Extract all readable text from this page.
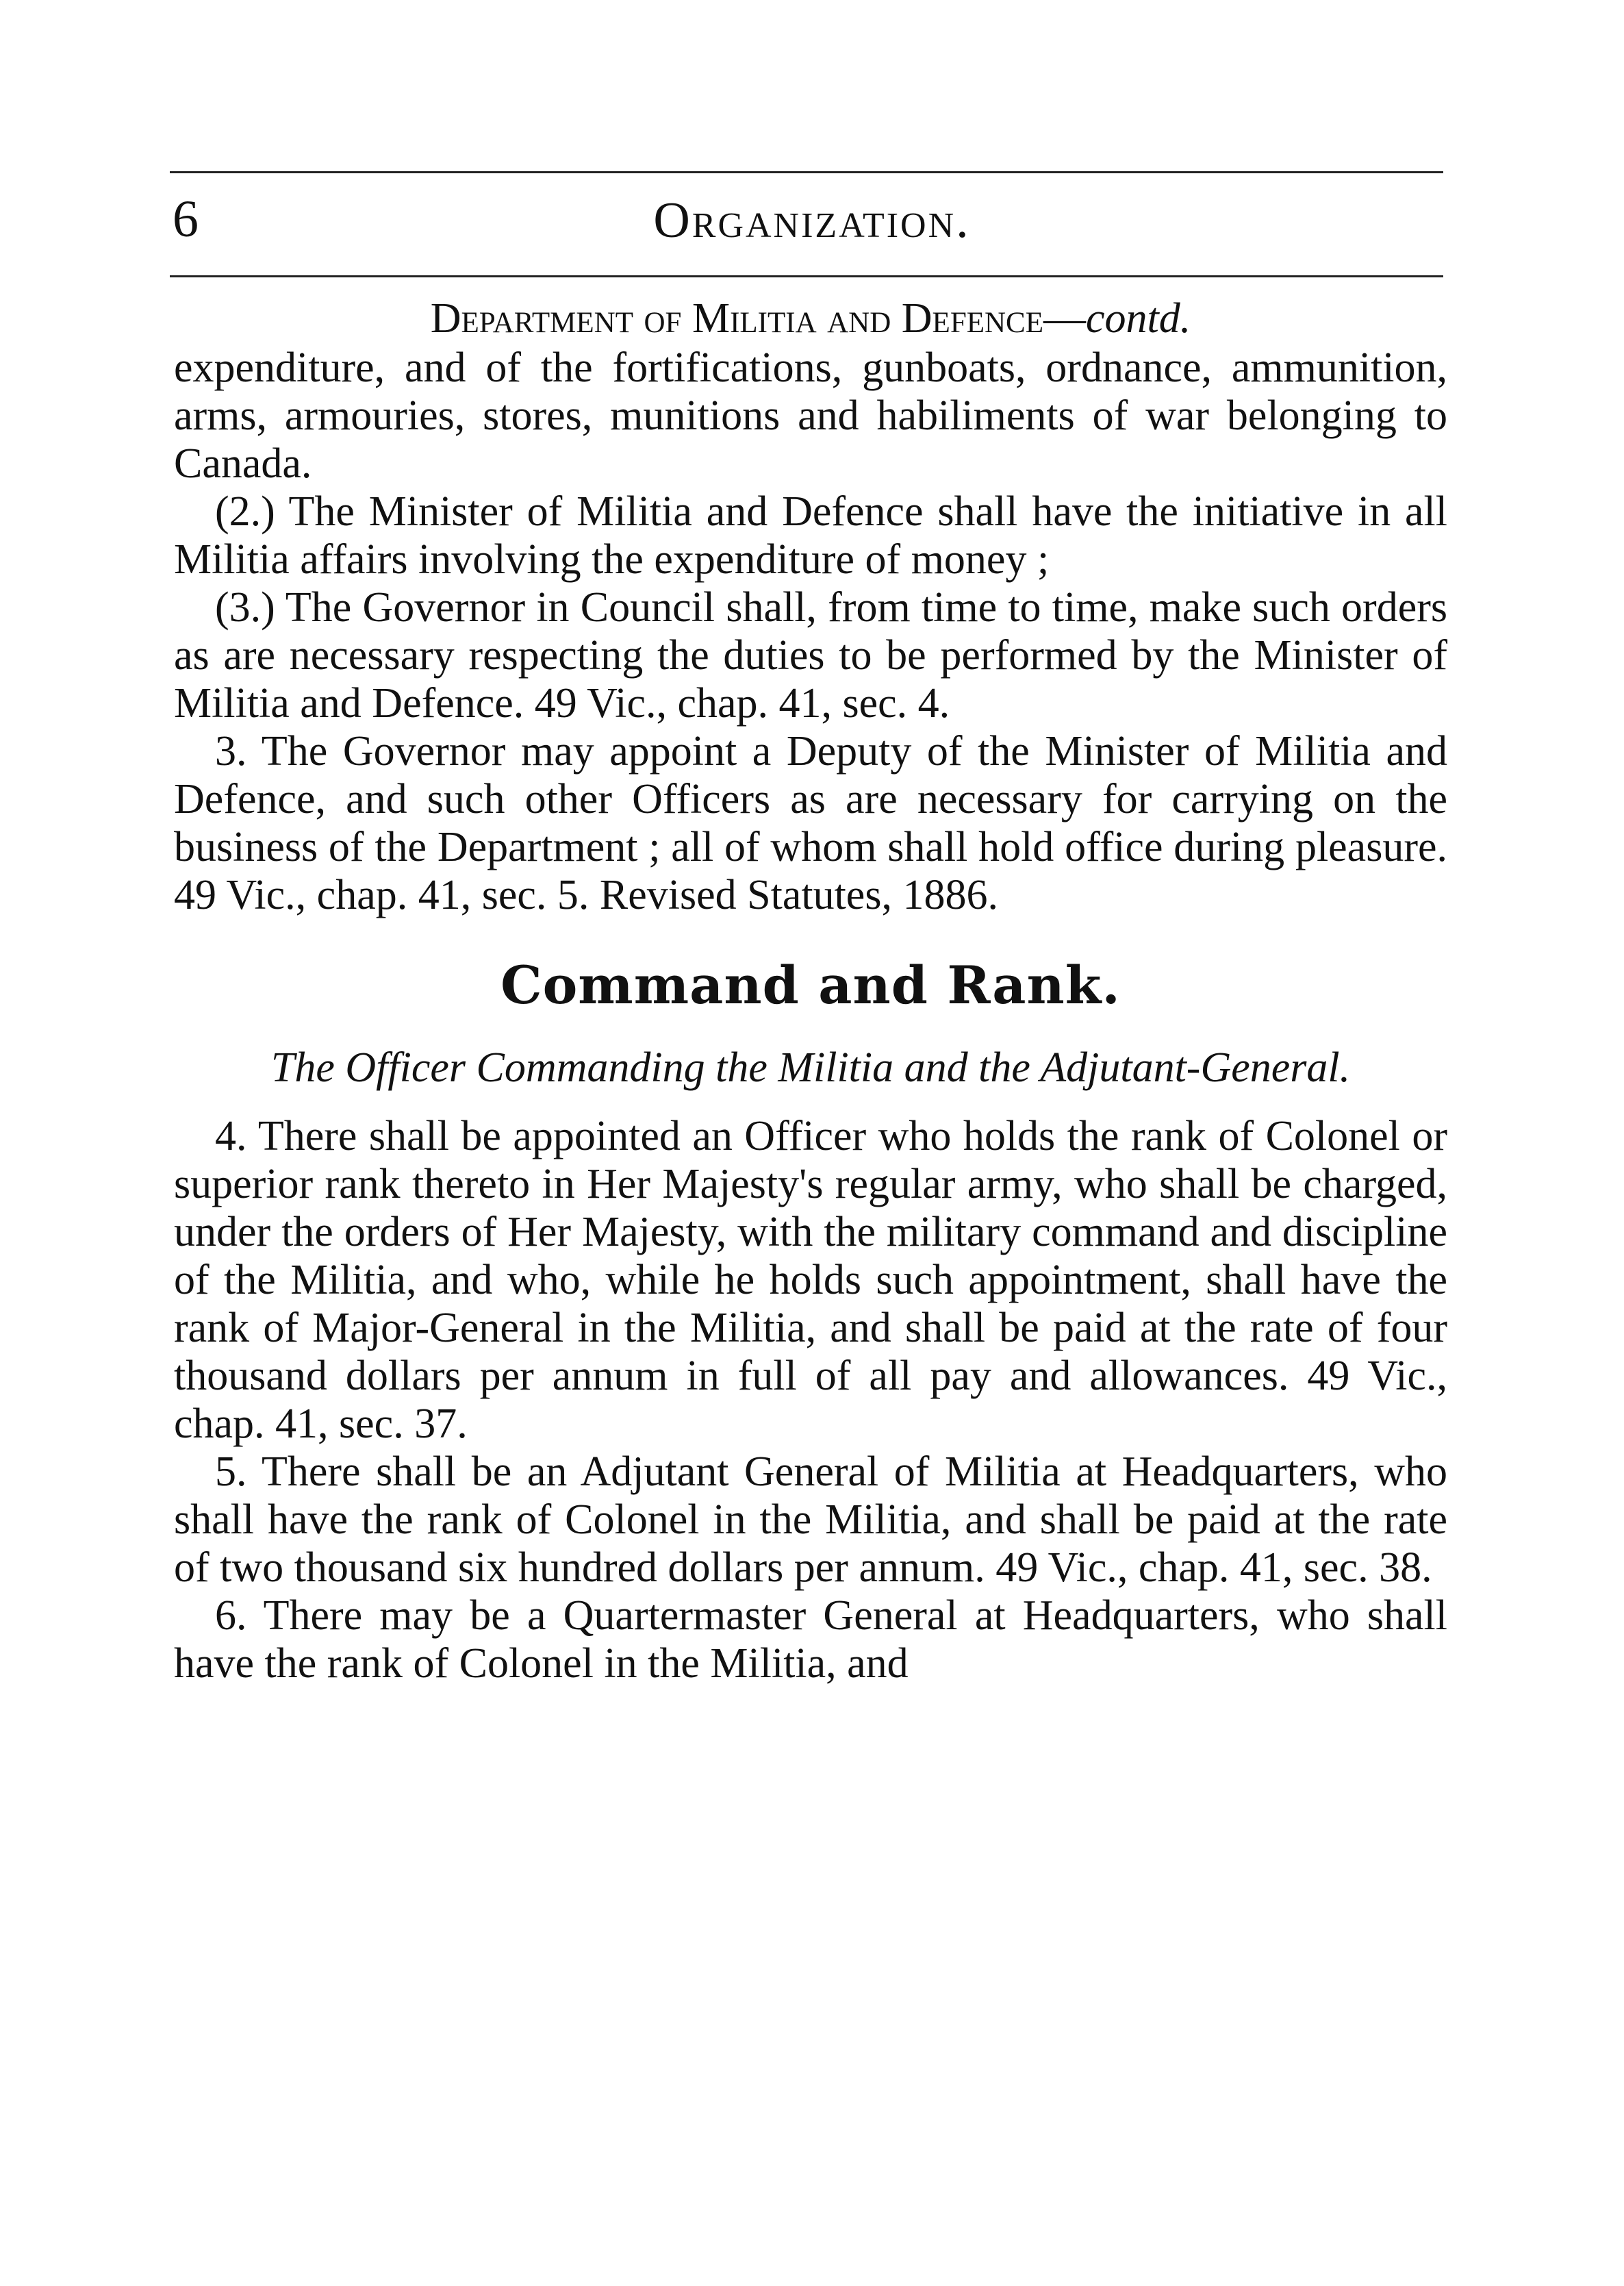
6	Organization.
Department of Militia and Defence—contd.

expenditure, and of the fortifications, gunboats, ordnance, ammunition, arms, armouries, stores, munitions and habiliments of war belonging to Canada.

(2.) The Minister of Militia and Defence shall have the initiative in all Militia affairs involving the expenditure of money ;

(3.) The Governor in Council shall, from time to time, make such orders as are necessary respecting the duties to be performed by the Minister of Militia and Defence. 49 Vic., chap. 41, sec. 4.

3. The Governor may appoint a Deputy of the Minister of Militia and Defence, and such other Officers as are necessary for carrying on the business of the Department ; all of whom shall hold office during pleasure. 49 Vic., chap. 41, sec. 5. Revised Statutes, 1886.

Command and Rank.
The Officer Commanding the Militia and the Adjutant-General.

4. There shall be appointed an Officer who holds the rank of Colonel or superior rank thereto in Her Majesty's regular army, who shall be charged, under the orders of Her Majesty, with the military command and discipline of the Militia, and who, while he holds such appointment, shall have the rank of Major-General in the Militia, and shall be paid at the rate of four thousand dollars per annum in full of all pay and allowances. 49 Vic., chap. 41, sec. 37.

5. There shall be an Adjutant General of Militia at Headquarters, who shall have the rank of Colonel in the Militia, and shall be paid at the rate of two thousand six hundred dollars per annum. 49 Vic., chap. 41, sec. 38.

6. There may be a Quartermaster General at Headquarters, who shall have the rank of Colonel in the Militia, and
